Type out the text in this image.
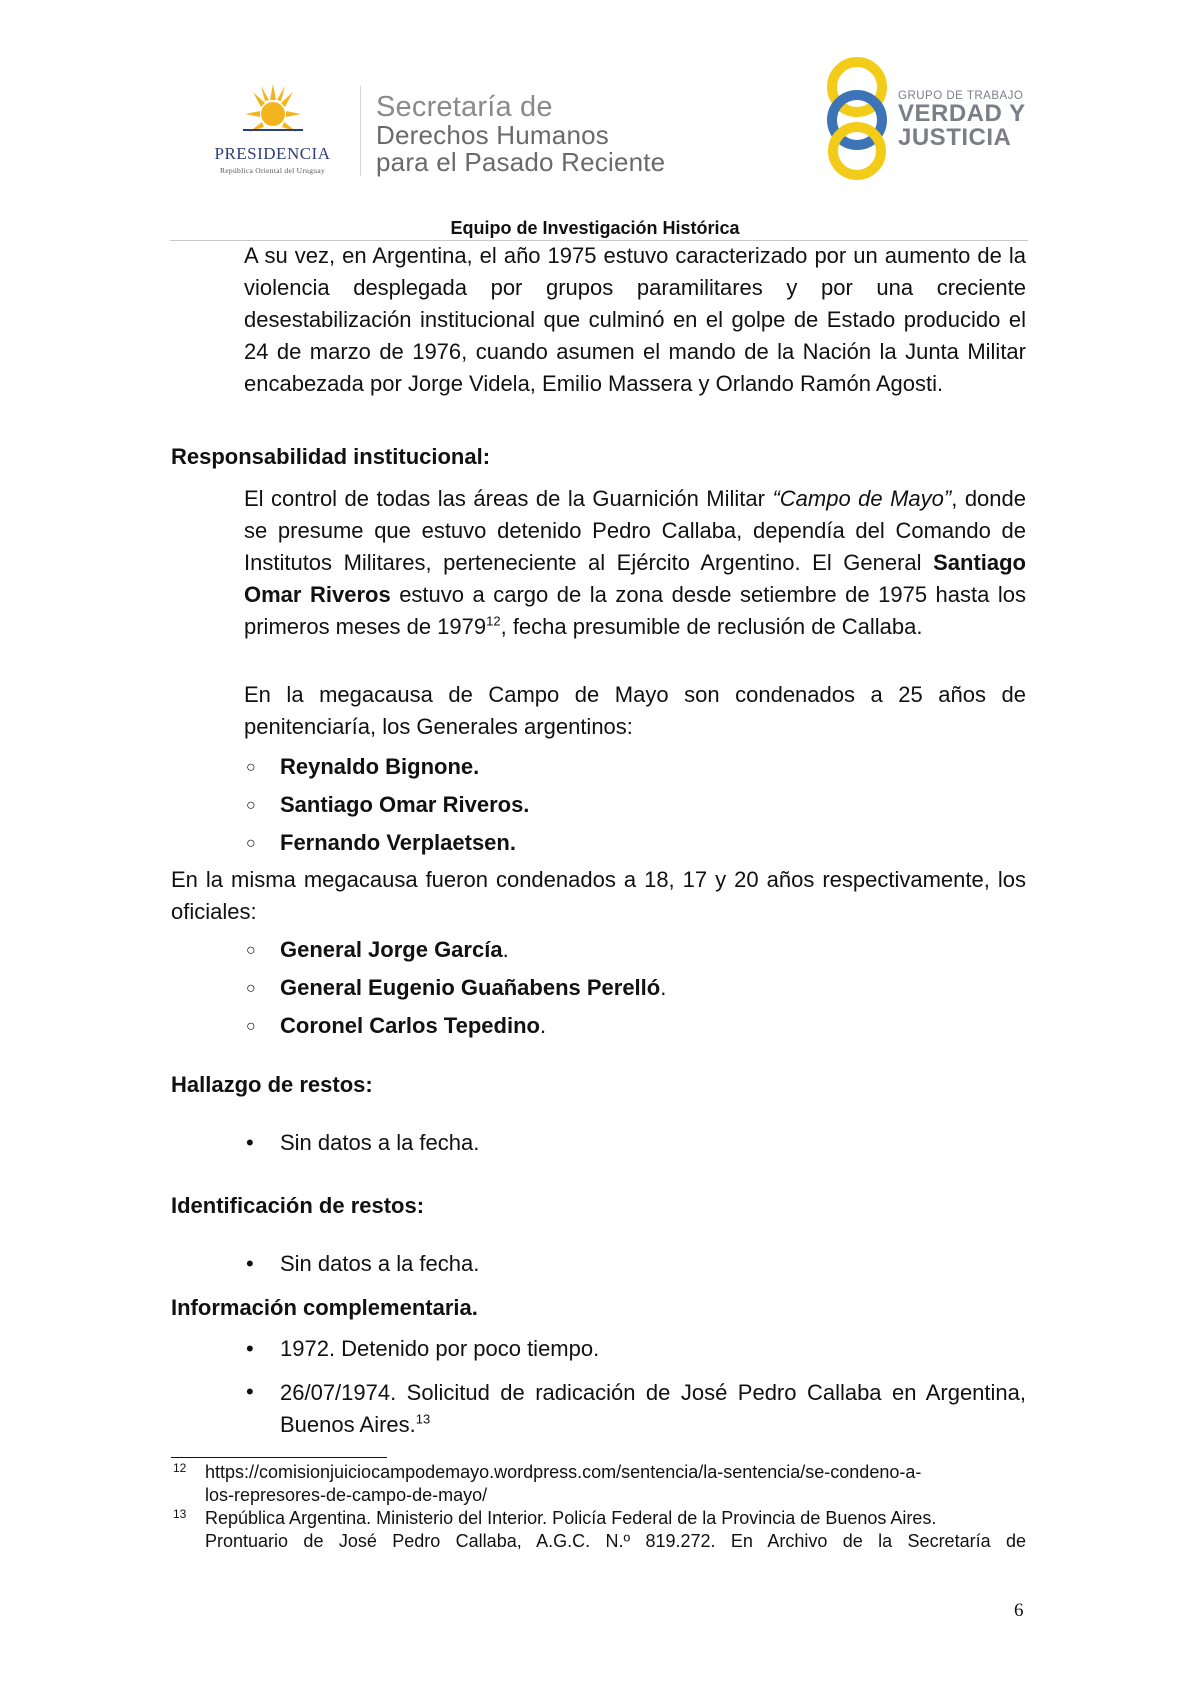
PRESIDENCIA
República Oriental del Uruguay
Secretaría de
Derechos Humanos
para el Pasado Reciente
GRUPO DE TRABAJO
VERDAD Y
JUSTICIA
Equipo de Investigación Histórica
A su vez, en Argentina, el año 1975 estuvo caracterizado por un aumento de la violencia desplegada por grupos paramilitares y por una creciente desestabilización institucional que culminó en el golpe de Estado producido el 24 de marzo de 1976, cuando asumen el mando de la Nación la Junta Militar encabezada por Jorge Videla, Emilio Massera y Orlando Ramón Agosti.
Responsabilidad institucional:
El control de todas las áreas de la Guarnición Militar “Campo de Mayo”, donde se presume que estuvo detenido Pedro Callaba, dependía del Comando de Institutos Militares, perteneciente al Ejército Argentino. El General Santiago Omar Riveros estuvo a cargo de la zona desde setiembre de 1975 hasta los primeros meses de 1979$^{12}$, fecha presumible de reclusión de Callaba.
En la megacausa de Campo de Mayo son condenados a 25 años de penitenciaría, los Generales argentinos:
○ Reynaldo Bignone.
○ Santiago Omar Riveros.
○ Fernando Verplaetsen.
En la misma megacausa fueron condenados a 18, 17 y 20 años respectivamente, los oficiales:
○ General Jorge García.
○ General Eugenio Guañabens Perelló.
○ Coronel Carlos Tepedino.
Hallazgo de restos:
• Sin datos a la fecha.
Identificación de restos:
• Sin datos a la fecha.
Información complementaria.
• 1972. Detenido por poco tiempo.
• 26/07/1974. Solicitud de radicación de José Pedro Callaba en Argentina, Buenos Aires.$^{13}$
12 https://comisionjuiciocampodemayo.wordpress.com/sentencia/la-sentencia/se-condeno-a-
los-represores-de-campo-de-mayo/
13 República Argentina. Ministerio del Interior. Policía Federal de la Provincia de Buenos Aires.
Prontuario de José Pedro Callaba, A.G.C. N.º 819.272. En Archivo de la Secretaría de
6
